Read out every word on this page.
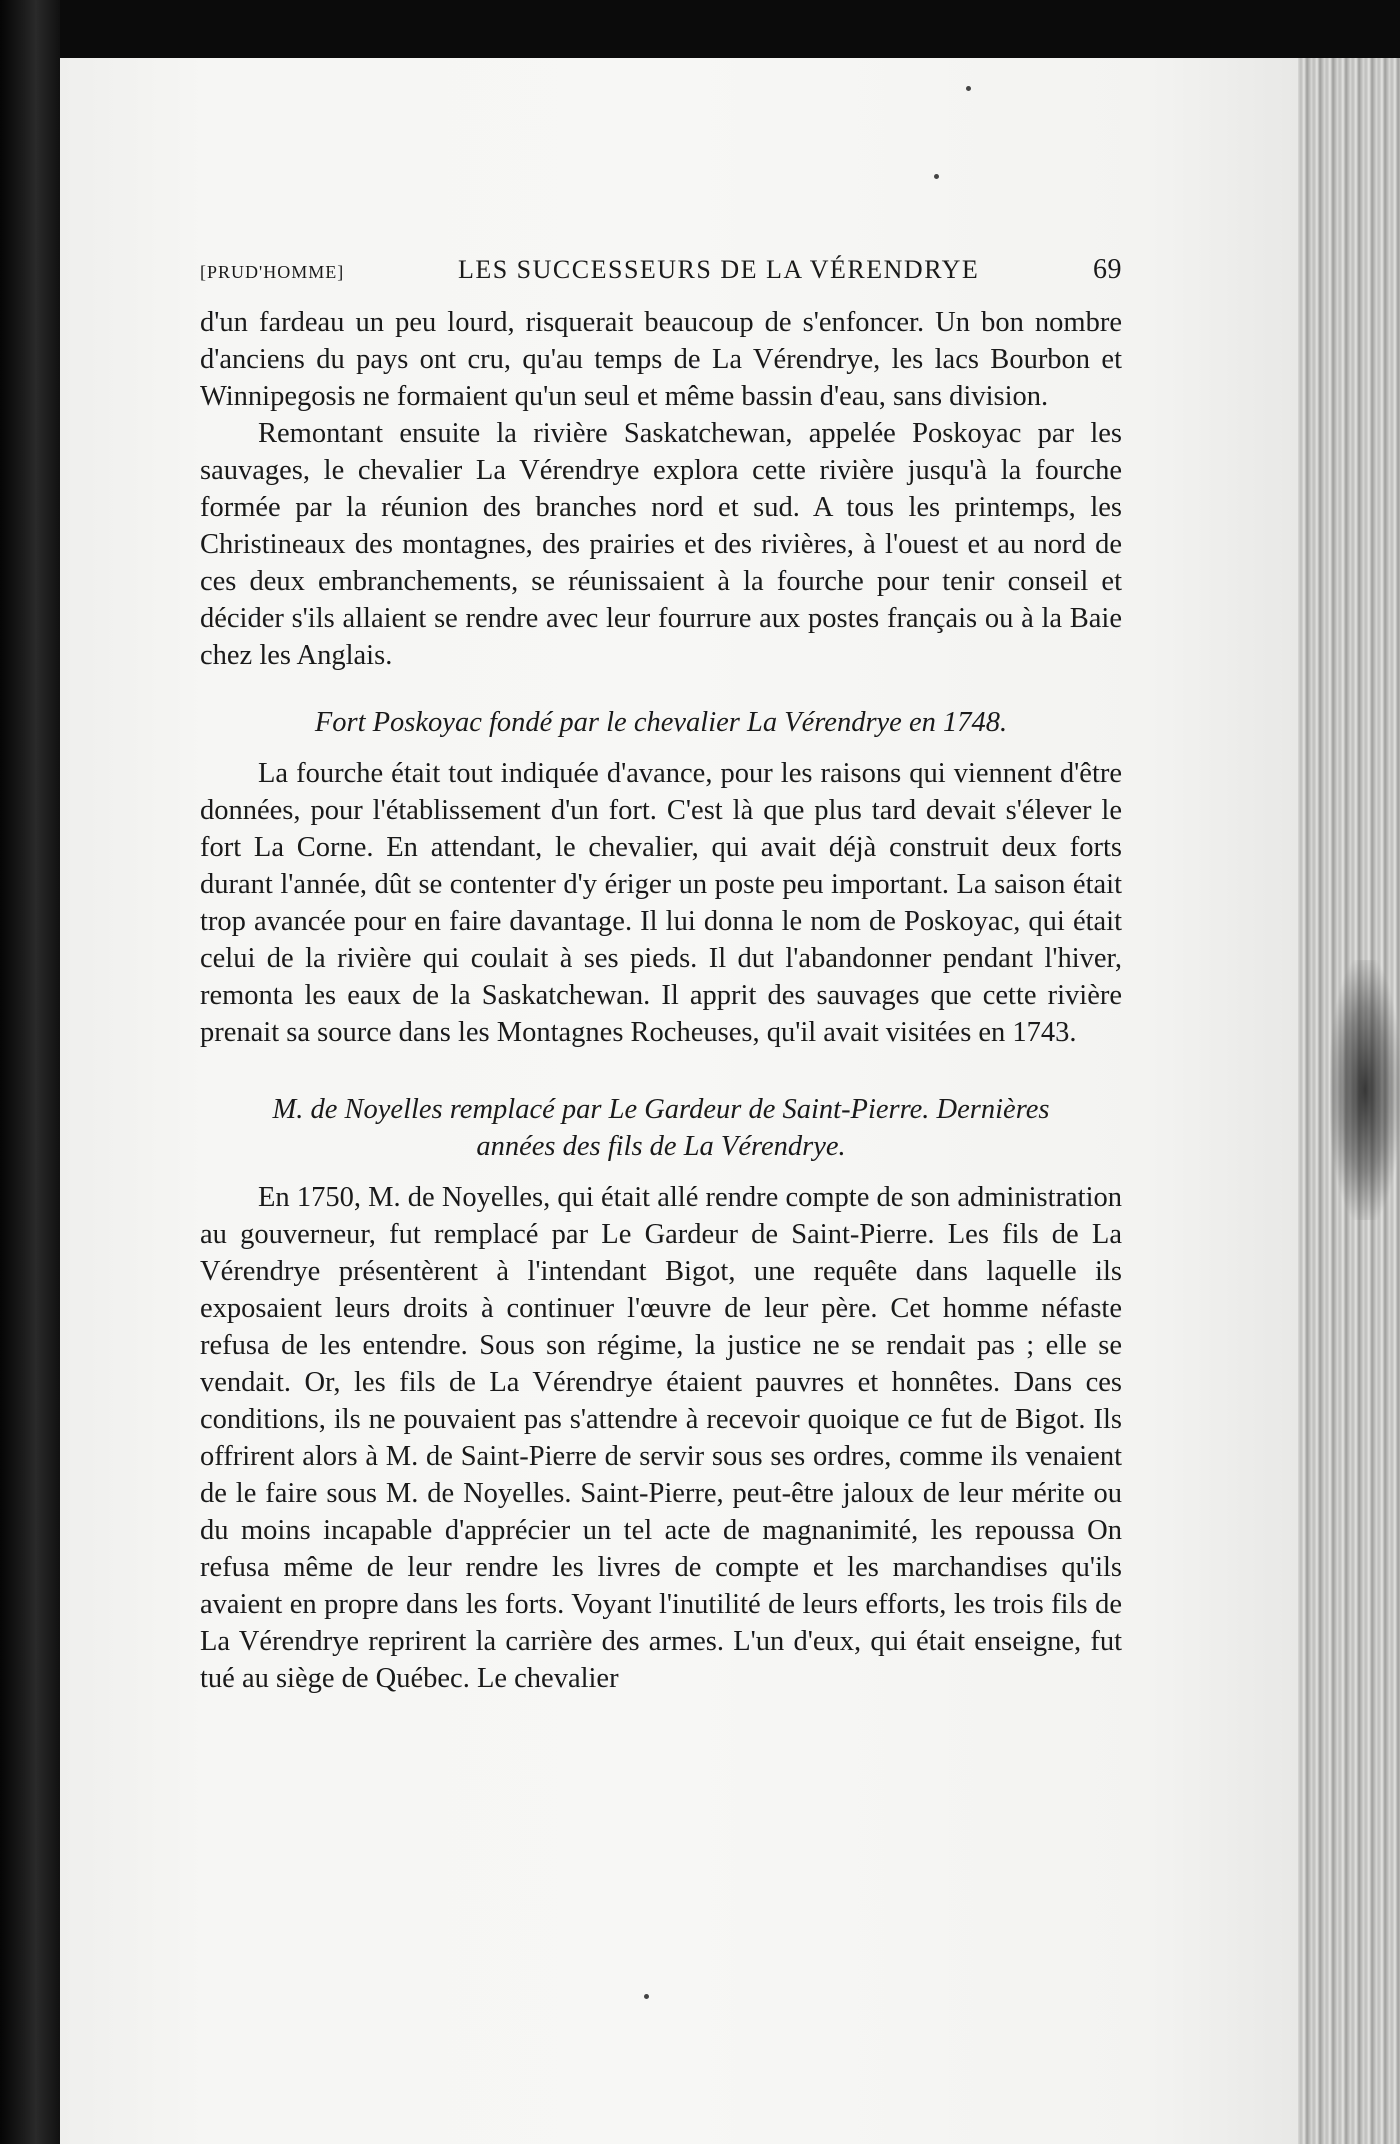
[PRUD'HOMME]	LES SUCCESSEURS DE LA VÉRENDRYE	69

d'un fardeau un peu lourd, risquerait beaucoup de s'enfoncer. Un bon nombre d'anciens du pays ont cru, qu'au temps de La Vérendrye, les lacs Bourbon et Winnipegosis ne formaient qu'un seul et même bassin d'eau, sans division.

Remontant ensuite la rivière Saskatchewan, appelée Poskoyac par les sauvages, le chevalier La Vérendrye explora cette rivière jusqu'à la fourche formée par la réunion des branches nord et sud. A tous les printemps, les Christineaux des montagnes, des prairies et des rivières, à l'ouest et au nord de ces deux embranchements, se réunissaient à la fourche pour tenir conseil et décider s'ils allaient se rendre avec leur fourrure aux postes français ou à la Baie chez les Anglais.

Fort Poskoyac fondé par le chevalier La Vérendrye en 1748.

La fourche était tout indiquée d'avance, pour les raisons qui viennent d'être données, pour l'établissement d'un fort. C'est là que plus tard devait s'élever le fort La Corne. En attendant, le chevalier, qui avait déjà construit deux forts durant l'année, dût se contenter d'y ériger un poste peu important. La saison était trop avancée pour en faire davantage. Il lui donna le nom de Poskoyac, qui était celui de la rivière qui coulait à ses pieds. Il dut l'abandonner pendant l'hiver, remonta les eaux de la Saskatchewan. Il apprit des sauvages que cette rivière prenait sa source dans les Montagnes Rocheuses, qu'il avait visitées en 1743.

M. de Noyelles remplacé par Le Gardeur de Saint-Pierre. Dernières

années des fils de La Vérendrye.

En 1750, M. de Noyelles, qui était allé rendre compte de son administration au gouverneur, fut remplacé par Le Gardeur de Saint-Pierre. Les fils de La Vérendrye présentèrent à l'intendant Bigot, une requête dans laquelle ils exposaient leurs droits à continuer l'œuvre de leur père. Cet homme néfaste refusa de les entendre. Sous son régime, la justice ne se rendait pas ; elle se vendait. Or, les fils de La Vérendrye étaient pauvres et honnêtes. Dans ces conditions, ils ne pouvaient pas s'attendre à recevoir quoique ce fut de Bigot. Ils offrirent alors à M. de Saint-Pierre de servir sous ses ordres, comme ils venaient de le faire sous M. de Noyelles. Saint-Pierre, peut-être jaloux de leur mérite ou du moins incapable d'apprécier un tel acte de magnanimité, les repoussa On refusa même de leur rendre les livres de compte et les marchandises qu'ils avaient en propre dans les forts. Voyant l'inutilité de leurs efforts, les trois fils de La Vérendrye reprirent la carrière des armes. L'un d'eux, qui était enseigne, fut tué au siège de Québec. Le chevalier
